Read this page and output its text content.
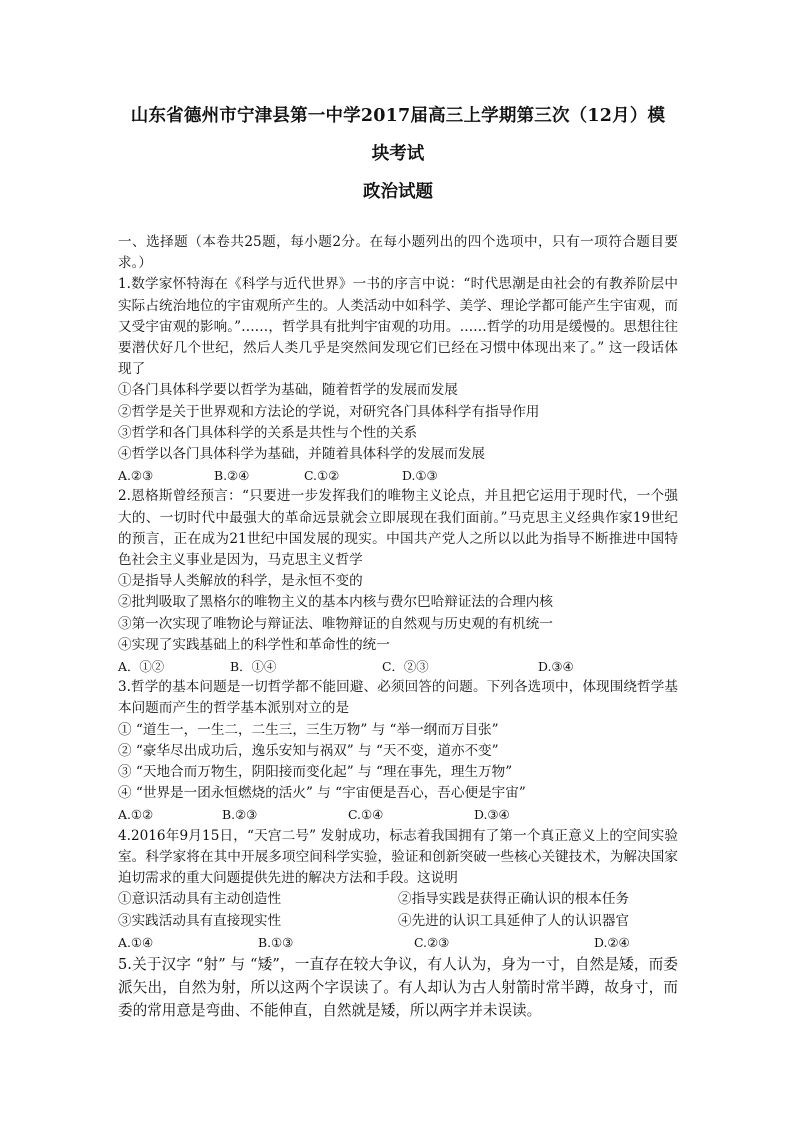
山东省德州市宁津县第一中学2017届高三上学期第三次（12月）模
块考试
政治试题

一、选择题（本卷共25题，每小题2分。在每小题列出的四个选项中，只有一项符合题目要求。）

1.数学家怀特海在《科学与近代世界》一书的序言中说：“时代思潮是由社会的有教养阶层中实际占统治地位的宇宙观所产生的。人类活动中如科学、美学、理论学都可能产生宇宙观，而又受宇宙观的影响。”……，哲学具有批判宇宙观的功用。……哲学的功用是缓慢的。思想往往要潜伏好几个世纪，然后人类几乎是突然间发现它们已经在习惯中体现出来了。” 这一段话体现了

①各门具体科学要以哲学为基础，随着哲学的发展而发展

②哲学是关于世界观和方法论的学说，对研究各门具体科学有指导作用

③哲学和各门具体科学的关系是共性与个性的关系

④哲学以各门具体科学为基础，并随着具体科学的发展而发展

A.②③	B.②④	C.①②	D.①③

2.恩格斯曾经预言：“只要进一步发挥我们的唯物主义论点，并且把它运用于现时代，一个强大的、一切时代中最强大的革命远景就会立即展现在我们面前。”马克思主义经典作家19世纪的预言，正在成为21世纪中国发展的现实。中国共产党人之所以以此为指导不断推进中国特色社会主义事业是因为，马克思主义哲学

①是指导人类解放的科学，是永恒不变的

②批判吸取了黑格尔的唯物主义的基本内核与费尔巴哈辩证法的合理内核

③第一次实现了唯物论与辩证法、唯物辩证的自然观与历史观的有机统一

④实现了实践基础上的科学性和革命性的统一

A．①②	B．①④	C．②③	D.③④

3.哲学的基本问题是一切哲学都不能回避、必须回答的问题。下列各选项中，体现围绕哲学基本问题而产生的哲学基本派别对立的是

① “道生一，一生二，二生三，三生万物” 与 “举一纲而万目张”

② “豪华尽出成功后，逸乐安知与祸双” 与 “天不变，道亦不变”

③ “天地合而万物生，阴阳接而变化起” 与 “理在事先，理生万物”

④ “世界是一团永恒燃烧的活火” 与 “宇宙便是吾心，吾心便是宇宙”

A.①②	B.②③	C.①④	D.③④

4.2016年9月15日，“天宫二号” 发射成功，标志着我国拥有了第一个真正意义上的空间实验室。科学家将在其中开展多项空间科学实验，验证和创新突破一些核心关键技术，为解决国家迫切需求的重大问题提供先进的解决方法和手段。这说明

①意识活动具有主动创造性	②指导实践是获得正确认识的根本任务
③实践活动具有直接现实性	④先进的认识工具延伸了人的认识器官
A.①④	B.①③	C.②③	D.②④

5.关于汉字 “射” 与 “矮”，一直存在较大争议，有人认为，身为一寸，自然是矮，而委派矢出，自然为射，所以这两个字误读了。有人却认为古人射箭时常半蹲，故身寸，而委的常用意是弯曲、不能伸直，自然就是矮，所以两字并未误读。
